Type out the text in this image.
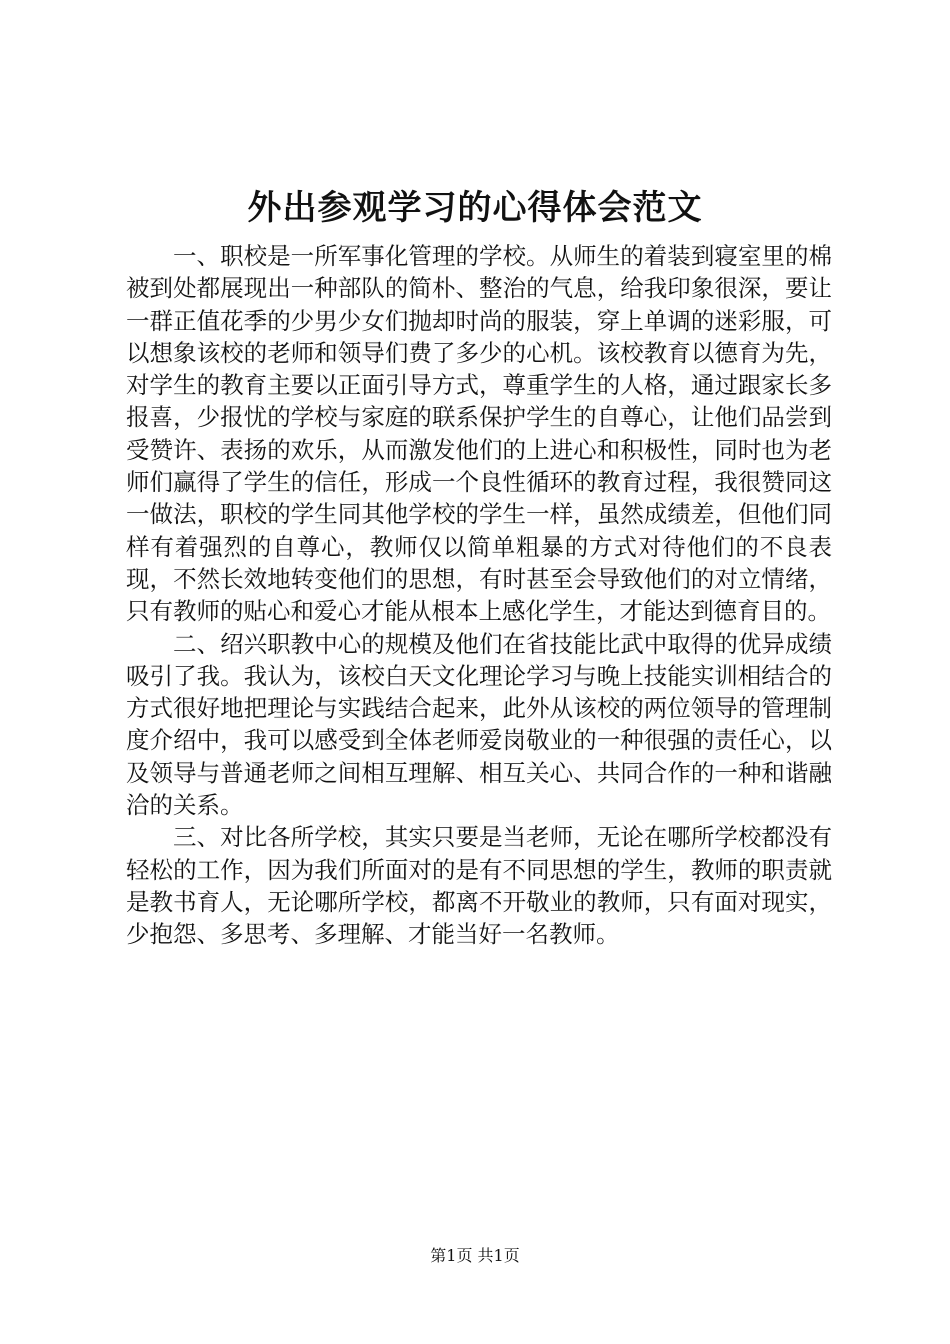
外出参观学习的心得体会范文

一、职校是一所军事化管理的学校。从师生的着装到寝室里的棉被到处都展现出一种部队的简朴、整治的气息，给我印象很深，要让一群正值花季的少男少女们抛却时尚的服装，穿上单调的迷彩服，可以想象该校的老师和领导们费了多少的心机。该校教育以德育为先，对学生的教育主要以正面引导方式，尊重学生的人格，通过跟家长多报喜，少报忧的学校与家庭的联系保护学生的自尊心，让他们品尝到受赞许、表扬的欢乐，从而激发他们的上进心和积极性，同时也为老师们赢得了学生的信任，形成一个良性循环的教育过程，我很赞同这一做法，职校的学生同其他学校的学生一样，虽然成绩差，但他们同样有着强烈的自尊心，教师仅以简单粗暴的方式对待他们的不良表现，不然长效地转变他们的思想，有时甚至会导致他们的对立情绪，只有教师的贴心和爱心才能从根本上感化学生，才能达到德育目的。

二、绍兴职教中心的规模及他们在省技能比武中取得的优异成绩吸引了我。我认为，该校白天文化理论学习与晚上技能实训相结合的方式很好地把理论与实践结合起来，此外从该校的两位领导的管理制度介绍中，我可以感受到全体老师爱岗敬业的一种很强的责任心，以及领导与普通老师之间相互理解、相互关心、共同合作的一种和谐融洽的关系。

三、对比各所学校，其实只要是当老师，无论在哪所学校都没有轻松的工作，因为我们所面对的是有不同思想的学生，教师的职责就是教书育人，无论哪所学校，都离不开敬业的教师，只有面对现实，少抱怨、多思考、多理解、才能当好一名教师。

第1页 共1页
